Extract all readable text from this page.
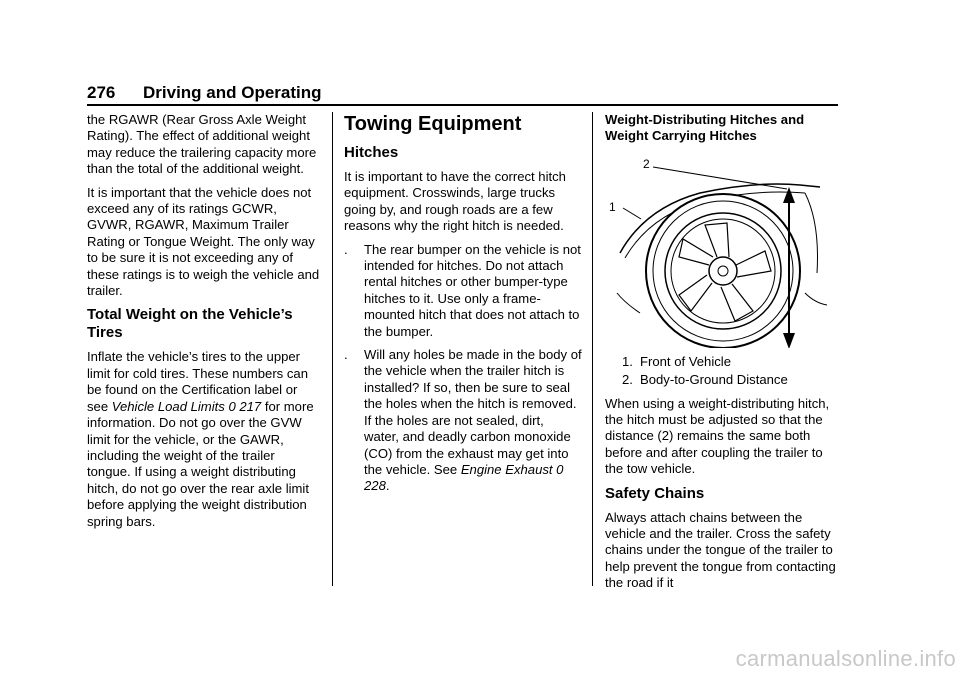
276 Driving and Operating

the RGAWR (Rear Gross Axle Weight Rating). The effect of additional weight may reduce the trailering capacity more than the total of the additional weight.

It is important that the vehicle does not exceed any of its ratings GCWR, GVWR, RGAWR, Maximum Trailer Rating or Tongue Weight. The only way to be sure it is not exceeding any of these ratings is to weigh the vehicle and trailer.

Total Weight on the Vehicle’s Tires

Inflate the vehicle’s tires to the upper limit for cold tires. These numbers can be found on the Certification label or see Vehicle Load Limits 0 217 for more information. Do not go over the GVW limit for the vehicle, or the GAWR, including the weight of the trailer tongue. If using a weight distributing hitch, do not go over the rear axle limit before applying the weight distribution spring bars.

Towing Equipment
Hitches

It is important to have the correct hitch equipment. Crosswinds, large trucks going by, and rough roads are a few reasons why the right hitch is needed.

. The rear bumper on the vehicle is not intended for hitches. Do not attach rental hitches or other bumper-type hitches to it. Use only a frame-mounted hitch that does not attach to the bumper.
. Will any holes be made in the body of the vehicle when the trailer hitch is installed? If so, then be sure to seal the holes when the hitch is removed. If the holes are not sealed, dirt, water, and deadly carbon monoxide (CO) from the exhaust may get into the vehicle. See Engine Exhaust 0 228.
Weight-Distributing Hitches and Weight Carrying Hitches
2
1
1. Front of Vehicle
2. Body-to-Ground Distance

When using a weight-distributing hitch, the hitch must be adjusted so that the distance (2) remains the same both before and after coupling the trailer to the tow vehicle.

Safety Chains

Always attach chains between the vehicle and the trailer. Cross the safety chains under the tongue of the trailer to help prevent the tongue from contacting the road if it

carmanualsonline.info
